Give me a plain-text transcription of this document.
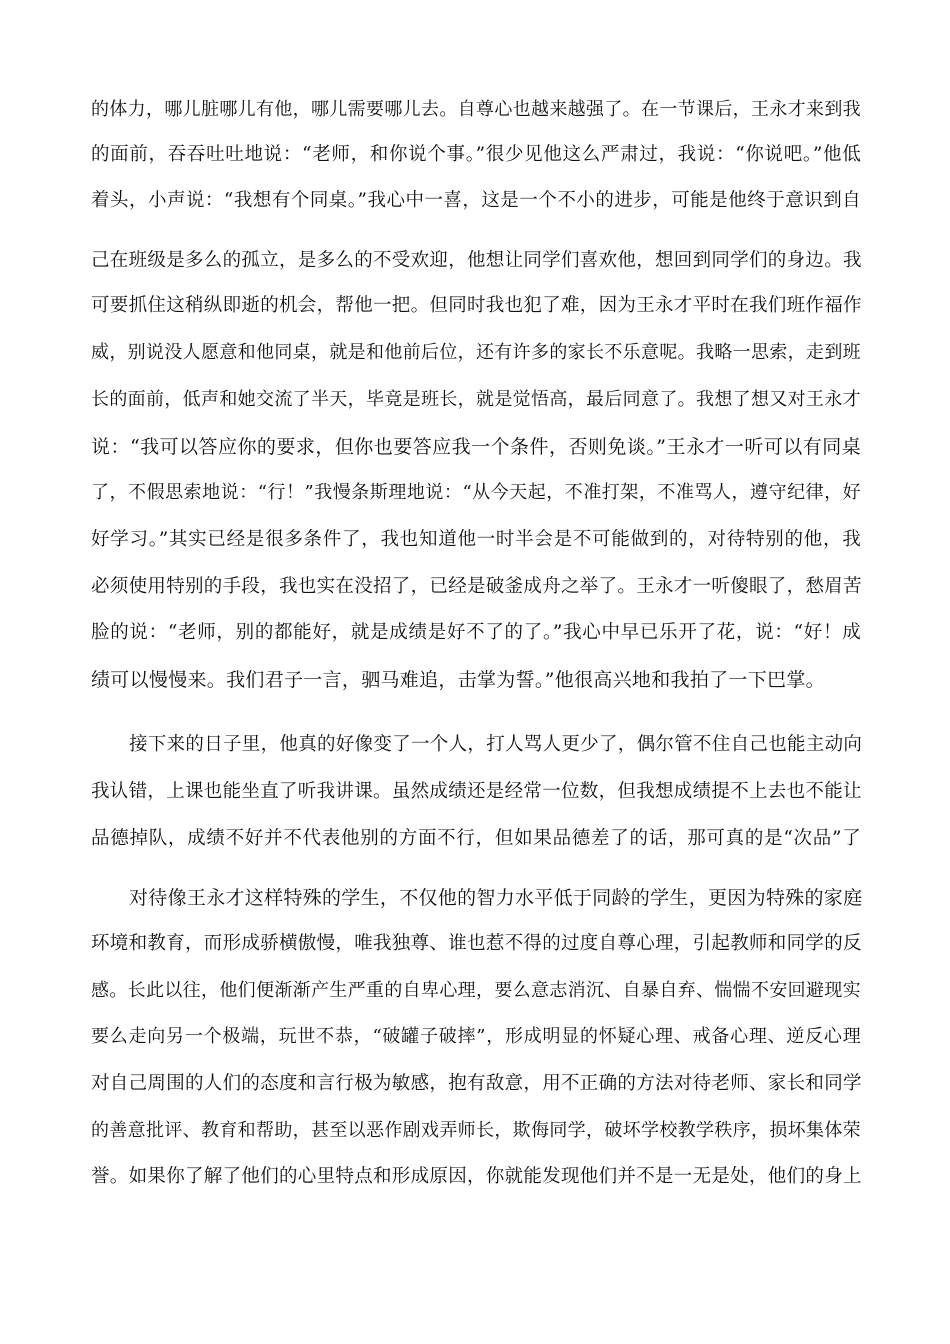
的体力，哪儿脏哪儿有他，哪儿需要哪儿去。自尊心也越来越强了。在一节课后，王永才来到我
的面前，吞吞吐吐地说：“老师，和你说个事。”很少见他这么严肃过，我说：“你说吧。”他低
着头，小声说：“我想有个同桌。”我心中一喜，这是一个不小的进步，可能是他终于意识到自
己在班级是多么的孤立，是多么的不受欢迎，他想让同学们喜欢他，想回到同学们的身边。我
可要抓住这稍纵即逝的机会，帮他一把。但同时我也犯了难，因为王永才平时在我们班作福作
威，别说没人愿意和他同桌，就是和他前后位，还有许多的家长不乐意呢。我略一思索，走到班
长的面前，低声和她交流了半天，毕竟是班长，就是觉悟高，最后同意了。我想了想又对王永才
说：“我可以答应你的要求，但你也要答应我一个条件，否则免谈。”王永才一听可以有同桌
了，不假思索地说：“行！”我慢条斯理地说：“从今天起，不准打架，不准骂人，遵守纪律，好
好学习。”其实已经是很多条件了，我也知道他一时半会是不可能做到的，对待特别的他，我
必须使用特别的手段，我也实在没招了，已经是破釜成舟之举了。王永才一听傻眼了，愁眉苦
脸的说：“老师，别的都能好，就是成绩是好不了的了。”我心中早已乐开了花，说：“好！成
绩可以慢慢来。我们君子一言，驷马难追，击掌为誓。”他很高兴地和我拍了一下巴掌。
接下来的日子里，他真的好像变了一个人，打人骂人更少了，偶尔管不住自己也能主动向
我认错，上课也能坐直了听我讲课。虽然成绩还是经常一位数，但我想成绩提不上去也不能让
品德掉队，成绩不好并不代表他别的方面不行，但如果品德差了的话，那可真的是“次品”了
对待像王永才这样特殊的学生，不仅他的智力水平低于同龄的学生，更因为特殊的家庭
环境和教育，而形成骄横傲慢，唯我独尊、谁也惹不得的过度自尊心理，引起教师和同学的反
感。长此以往，他们便渐渐产生严重的自卑心理，要么意志消沉、自暴自弃、惴惴不安回避现实
要么走向另一个极端，玩世不恭，“破罐子破摔”，形成明显的怀疑心理、戒备心理、逆反心理
对自己周围的人们的态度和言行极为敏感，抱有敌意，用不正确的方法对待老师、家长和同学
的善意批评、教育和帮助，甚至以恶作剧戏弄师长，欺侮同学，破坏学校教学秩序，损坏集体荣
誉。如果你了解了他们的心里特点和形成原因，你就能发现他们并不是一无是处，他们的身上
